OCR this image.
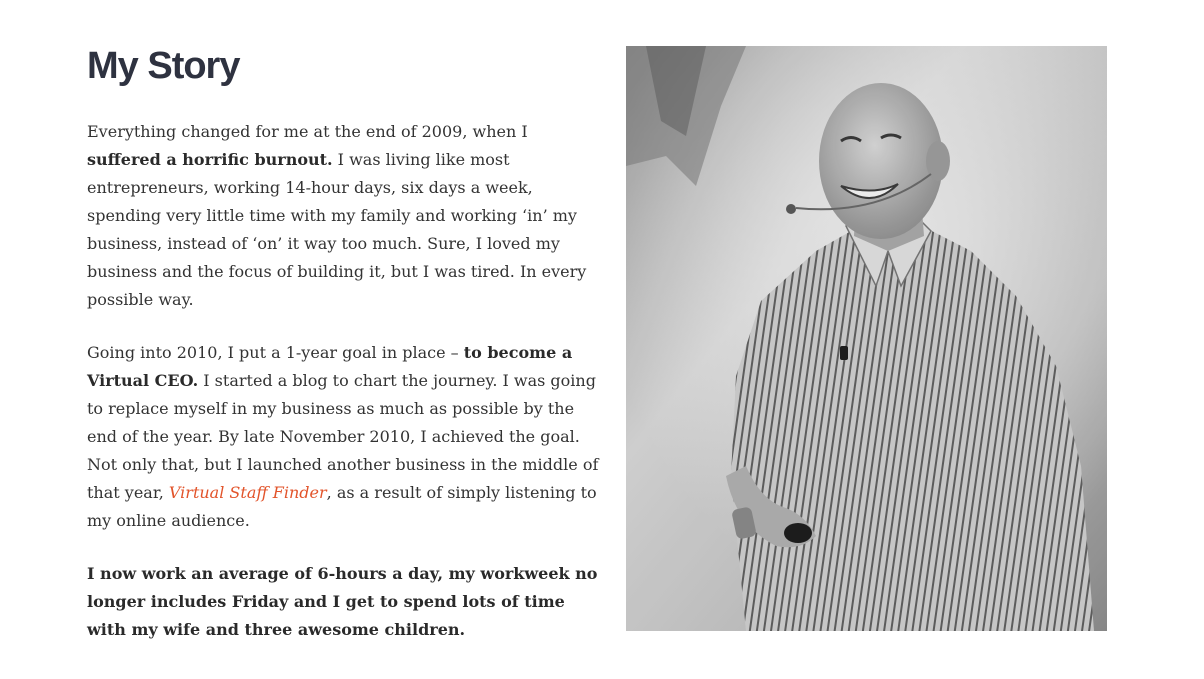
My Story

Everything changed for me at the end of 2009, when I suffered a horrific burnout. I was living like most entrepreneurs, working 14-hour days, six days a week, spending very little time with my family and working ‘in’ my business, instead of ‘on’ it way too much. Sure, I loved my business and the focus of building it, but I was tired. In every possible way.

Going into 2010, I put a 1-year goal in place – to become a Virtual CEO. I started a blog to chart the journey. I was going to replace myself in my business as much as possible by the end of the year. By late November 2010, I achieved the goal. Not only that, but I launched another business in the middle of that year, Virtual Staff Finder, as a result of simply listening to my online audience.

I now work an average of 6-hours a day, my workweek no longer includes Friday and I get to spend lots of time with my wife and three awesome children.
